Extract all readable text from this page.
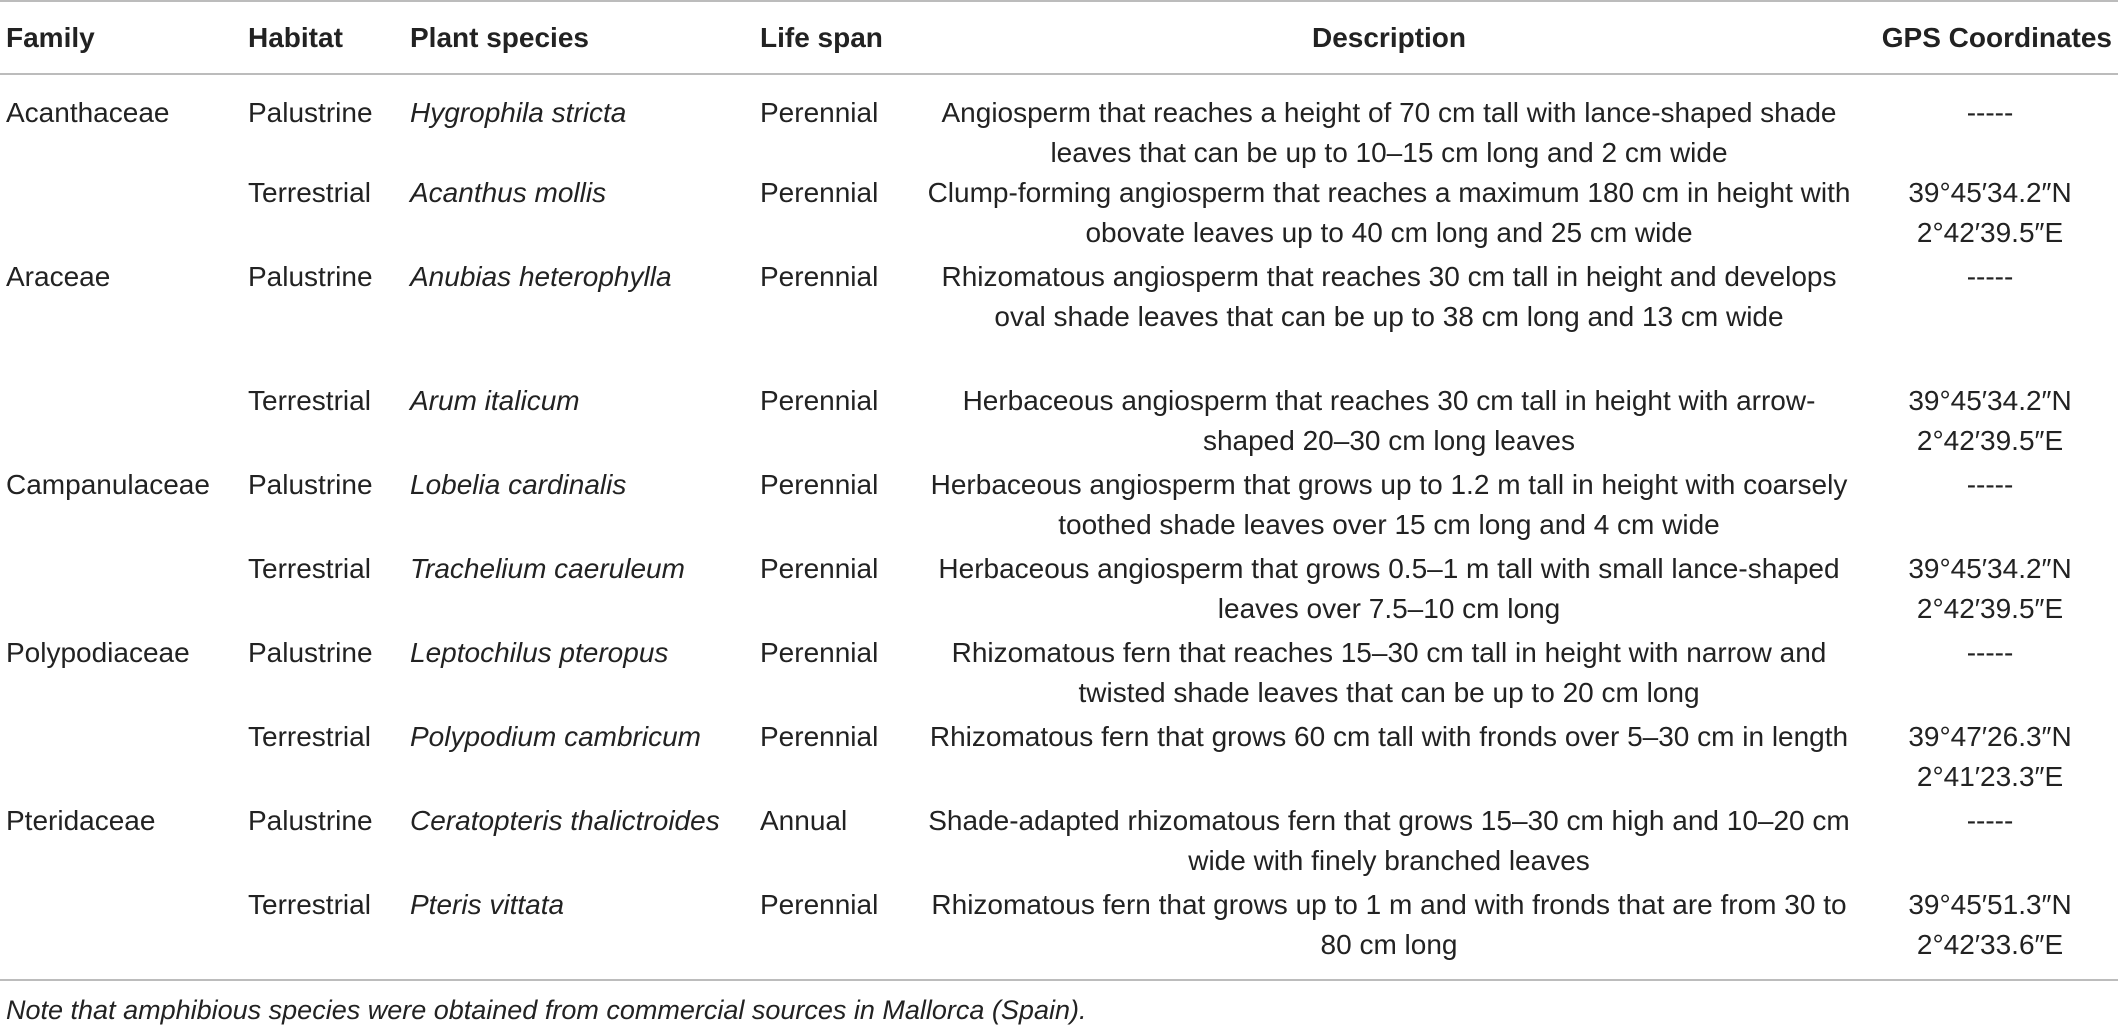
Family	Habitat	Plant species	Life span	Description	GPS Coordinates
Acanthaceae	Palustrine	Hygrophila stricta	Perennial	Angiosperm that reaches a height of 70 cm tall with lance-shaped shade leaves that can be up to 10–15 cm long and 2 cm wide	-----

	Terrestrial	Acanthus mollis	Perennial	Clump-forming angiosperm that reaches a maximum 180 cm in height with obovate leaves up to 40 cm long and 25 cm wide	39°45′34.2″N
2°42′39.5″E

Araceae	Palustrine	Anubias heterophylla	Perennial	Rhizomatous angiosperm that reaches 30 cm tall in height and develops oval shade leaves that can be up to 38 cm long and 13 cm wide	-----

	Terrestrial	Arum italicum	Perennial	Herbaceous angiosperm that reaches 30 cm tall in height with arrow-shaped 20–30 cm long leaves	39°45′34.2″N
2°42′39.5″E

Campanulaceae	Palustrine	Lobelia cardinalis	Perennial	Herbaceous angiosperm that grows up to 1.2 m tall in height with coarsely toothed shade leaves over 15 cm long and 4 cm wide	-----

	Terrestrial	Trachelium caeruleum	Perennial	Herbaceous angiosperm that grows 0.5–1 m tall with small lance-shaped leaves over 7.5–10 cm long	39°45′34.2″N
2°42′39.5″E

Polypodiaceae	Palustrine	Leptochilus pteropus	Perennial	Rhizomatous fern that reaches 15–30 cm tall in height with narrow and twisted shade leaves that can be up to 20 cm long	-----

	Terrestrial	Polypodium cambricum	Perennial	Rhizomatous fern that grows 60 cm tall with fronds over 5–30 cm in length	39°47′26.3″N
2°41′23.3″E

Pteridaceae	Palustrine	Ceratopteris thalictroides	Annual	Shade-adapted rhizomatous fern that grows 15–30 cm high and 10–20 cm wide with finely branched leaves	-----

	Terrestrial	Pteris vittata	Perennial	Rhizomatous fern that grows up to 1 m and with fronds that are from 30 to 80 cm long	39°45′51.3″N
2°42′33.6″E
Note that amphibious species were obtained from commercial sources in Mallorca (Spain).
